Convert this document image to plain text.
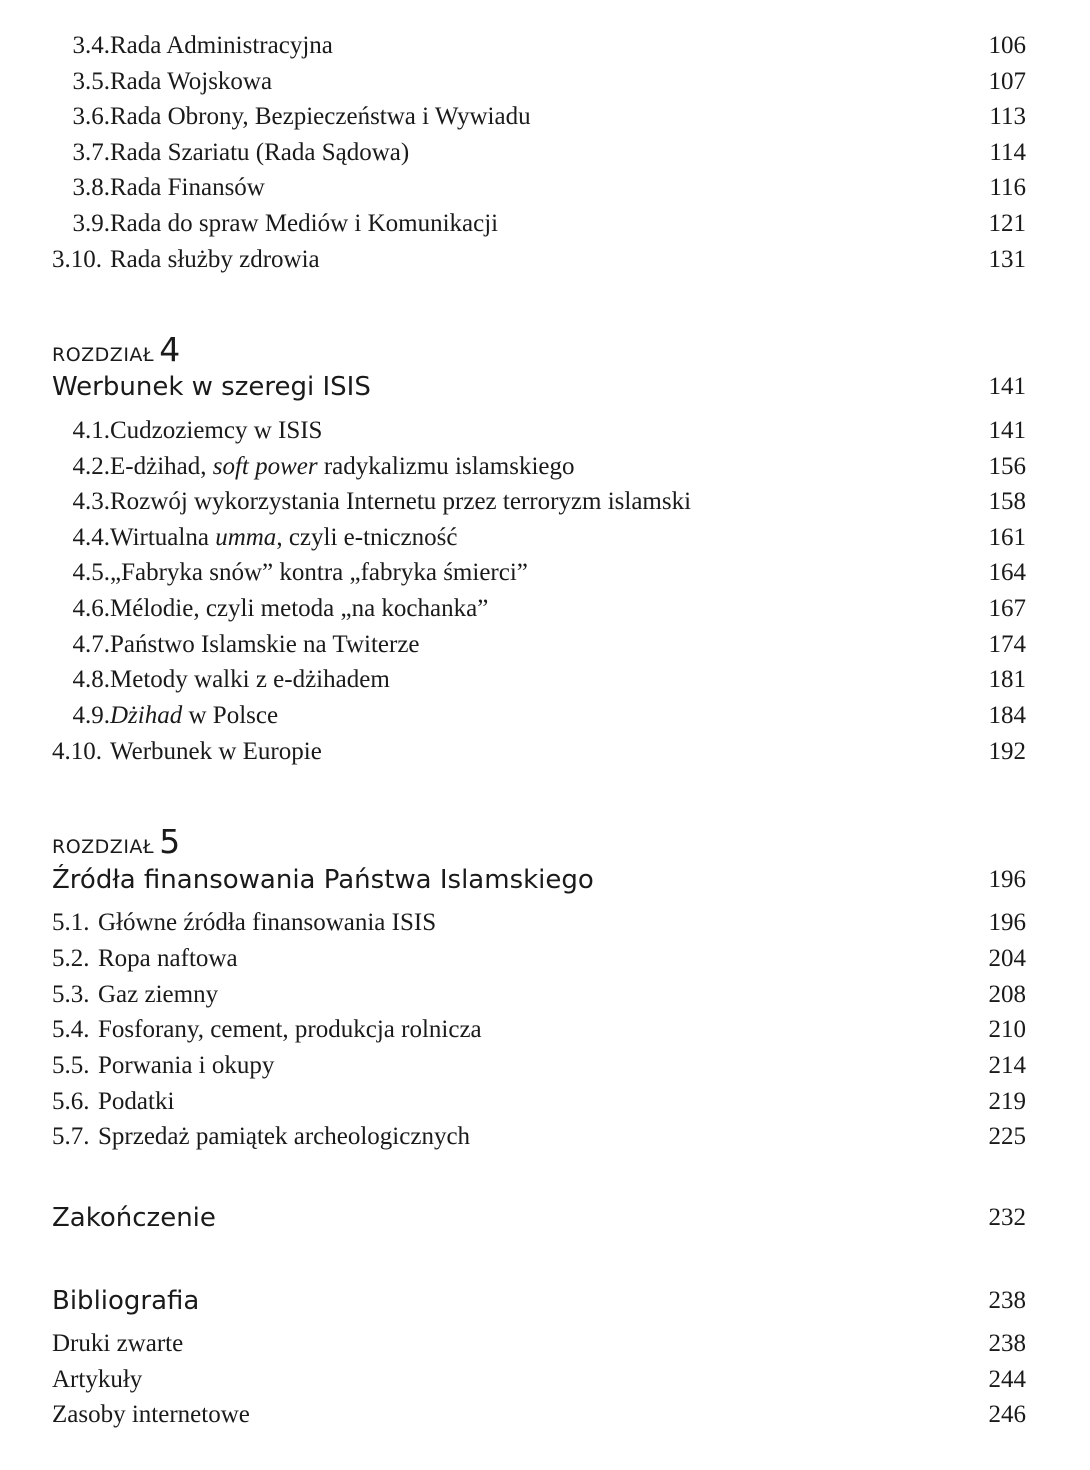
3.4. Rada Administracyjna	106
3.5. Rada Wojskowa	107
3.6. Rada Obrony, Bezpieczeństwa i Wywiadu	113
3.7. Rada Szariatu (Rada Sądowa)	114
3.8. Rada Finansów	116
3.9. Rada do spraw Mediów i Komunikacji	121
3.10. Rada służby zdrowia	131
ROZDZIAŁ 4
Werbunek w szeregi ISIS	141
4.1. Cudzoziemcy w ISIS	141
4.2. E-dżihad, soft power radykalizmu islamskiego	156
4.3. Rozwój wykorzystania Internetu przez terroryzm islamski	158
4.4. Wirtualna umma, czyli e-tniczność	161
4.5. „Fabryka snów” kontra „fabryka śmierci”	164
4.6. Mélodie, czyli metoda „na kochanka”	167
4.7. Państwo Islamskie na Twiterze	174
4.8. Metody walki z e-dżihadem	181
4.9. Dżihad w Polsce	184
4.10. Werbunek w Europie	192
ROZDZIAŁ 5
Źródła finansowania Państwa Islamskiego	196
5.1. Główne źródła finansowania ISIS	196
5.2. Ropa naftowa	204
5.3. Gaz ziemny	208
5.4. Fosforany, cement, produkcja rolnicza	210
5.5. Porwania i okupy	214
5.6. Podatki	219
5.7. Sprzedaż pamiątek archeologicznych	225
Zakończenie	232
Bibliografia	238
Druki zwarte	238
Artykuły	244
Zasoby internetowe	246
